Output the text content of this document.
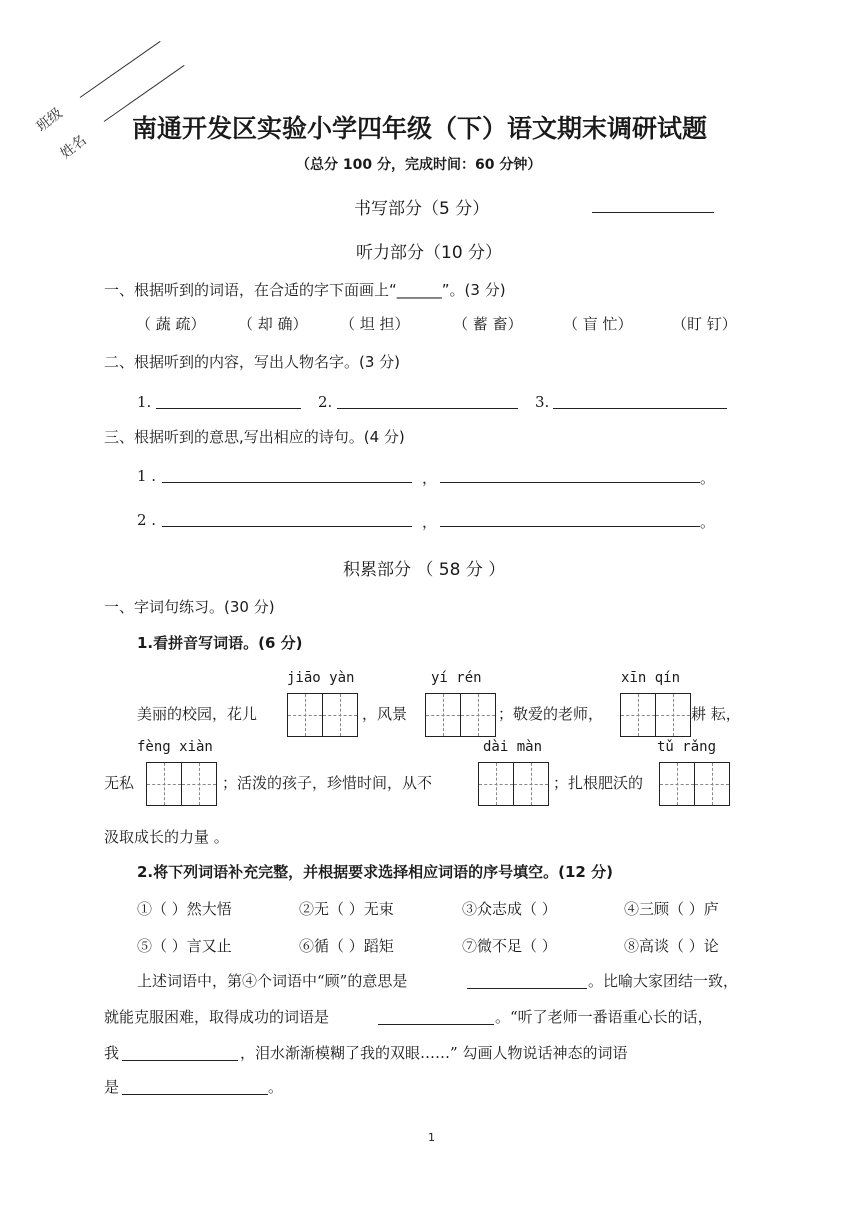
班级
姓名
南通开发区实验小学四年级（下）语文期末调研试题
（总分 100 分，完成时间：60 分钟）
书写部分（5 分）
听力部分（10 分）
一、根据听到的词语，在合适的字下面画上“______”。(3 分)
（ 蔬 疏） （ 却 确） （ 坦 担）	（ 蓄 畜）	（ 盲 忙）	（盯 钉）
二、根据听到的内容，写出人物名字。(3 分)
1.	2.	3.
三、根据听到的意思,写出相应的诗句。(4 分)
1 .	，	。
2 .	，	。
积累部分 （ 58 分 ）
一、字词句练习。(30 分)
1.看拼音写词语。(6 分)
jiāo yàn	yí rén	xīn qín
美丽的校园，花儿	，风景	；敬爱的老师，	耕 耘，
fèng xiàn	dài màn	tǔ rǎng
无私	；活泼的孩子，珍惜时间，从不	；扎根肥沃的
汲取成长的力量 。
2.将下列词语补充完整，并根据要求选择相应词语的序号填空。(12 分)
①（ ）然大悟	②无（ ）无束	③众志成（ ）	④三顾（ ）庐
⑤（ ）言又止	⑥循（ ）蹈矩	⑦微不足（ ）	⑧高谈（ ）论
上述词语中，第④个词语中“顾”的意思是	。比喻大家团结一致，
就能克服困难，取得成功的词语是	。“听了老师一番语重心长的话，
我	，泪水渐渐模糊了我的双眼……” 勾画人物说话神态的词语
是	。
1
